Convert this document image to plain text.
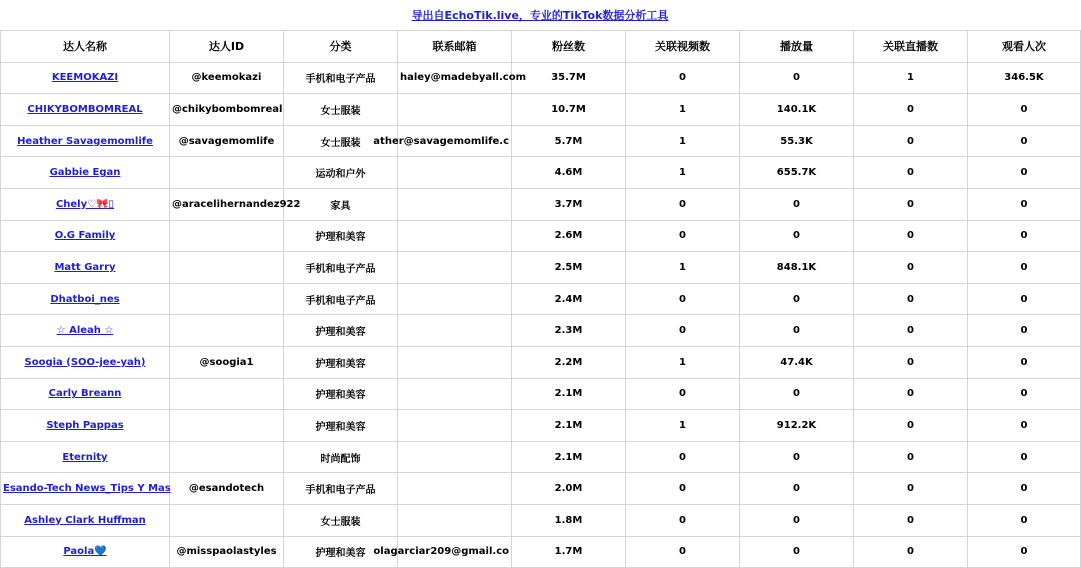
导出自EchoTik.live，专业的TikTok数据分析工具
达人名称	达人ID	分类	联系邮箱	粉丝数	关联视频数	播放量	关联直播数	观看人次
KEEMOKAZI	@keemokazi	手机和电子产品	haley@madebyall.com	35.7M	0	0	1	346.5K
CHIKYBOMBOMREAL	@chikybombomreal	女士服装		10.7M	1	140.1K	0	0
Heather Savagemomlife	@savagemomlife	女士服装	ather@savagemomlife.c	5.7M	1	55.3K	0	0
Gabbie Egan		运动和户外		4.6M	1	655.7K	0	0
Chely♡🎀▯	@aracelihernandez922	家具		3.7M	0	0	0	0
O.G Family		护理和美容		2.6M	0	0	0	0
Matt Garry		手机和电子产品		2.5M	1	848.1K	0	0
Dhatboi_nes		手机和电子产品		2.4M	0	0	0	0
☆ Aleah ☆		护理和美容		2.3M	0	0	0	0
Soogia (SOO-jee-yah)	@soogia1	护理和美容		2.2M	1	47.4K	0	0
Carly Breann		护理和美容		2.1M	0	0	0	0
Steph Pappas		护理和美容		2.1M	1	912.2K	0	0
Eternity		时尚配饰		2.1M	0	0	0	0
Esando-Tech News_Tips Y Mas	@esandotech	手机和电子产品		2.0M	0	0	0	0
Ashley Clark Huffman		女士服装		1.8M	0	0	0	0
Paola💙	@misspaolastyles	护理和美容	olagarciar209@gmail.co	1.7M	0	0	0	0
